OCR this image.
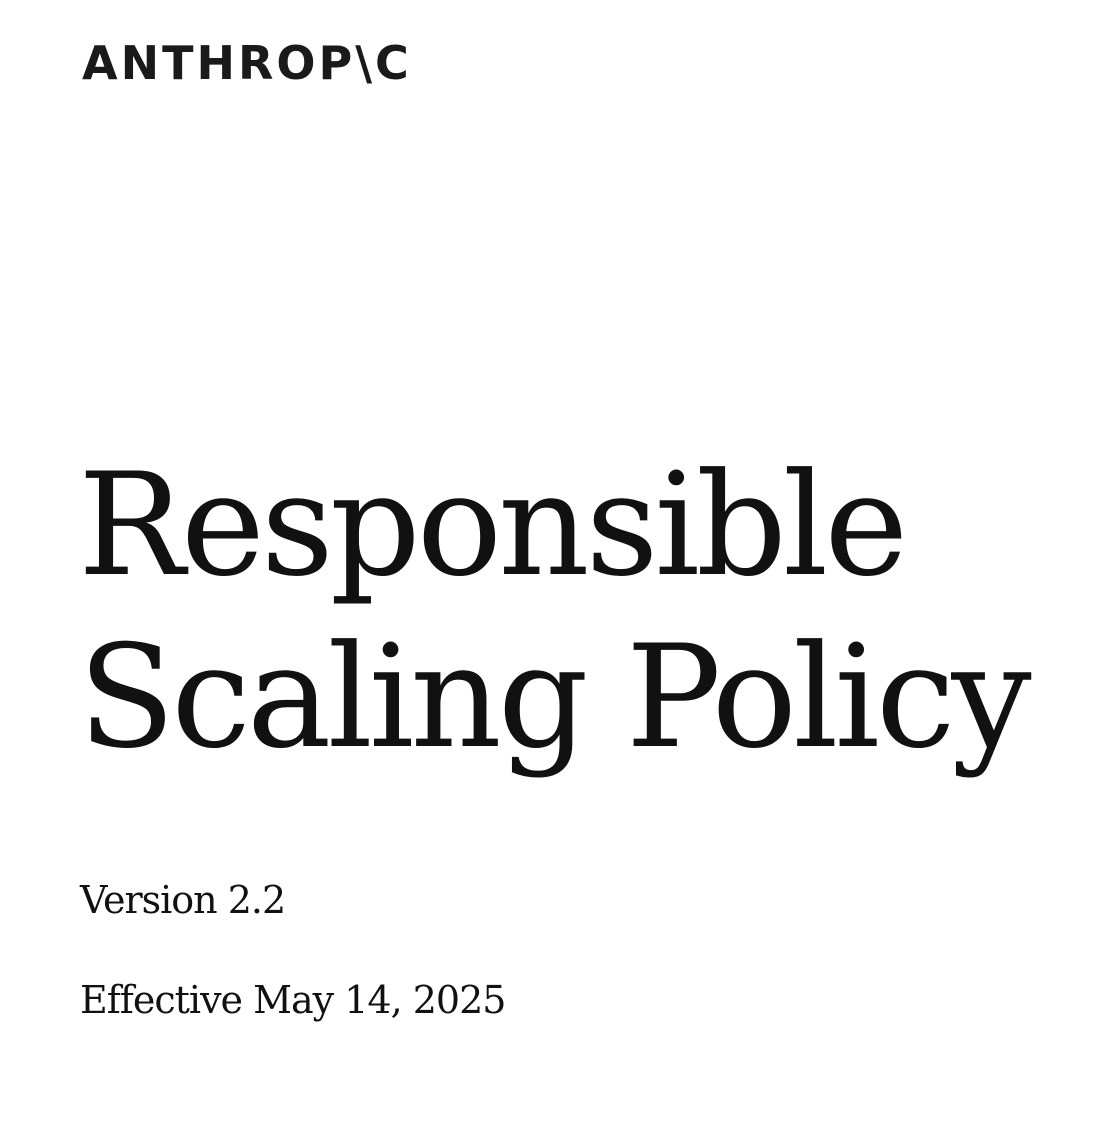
ANTHROP\C
Responsible
Scaling Policy
Version 2.2
Effective May 14, 2025
